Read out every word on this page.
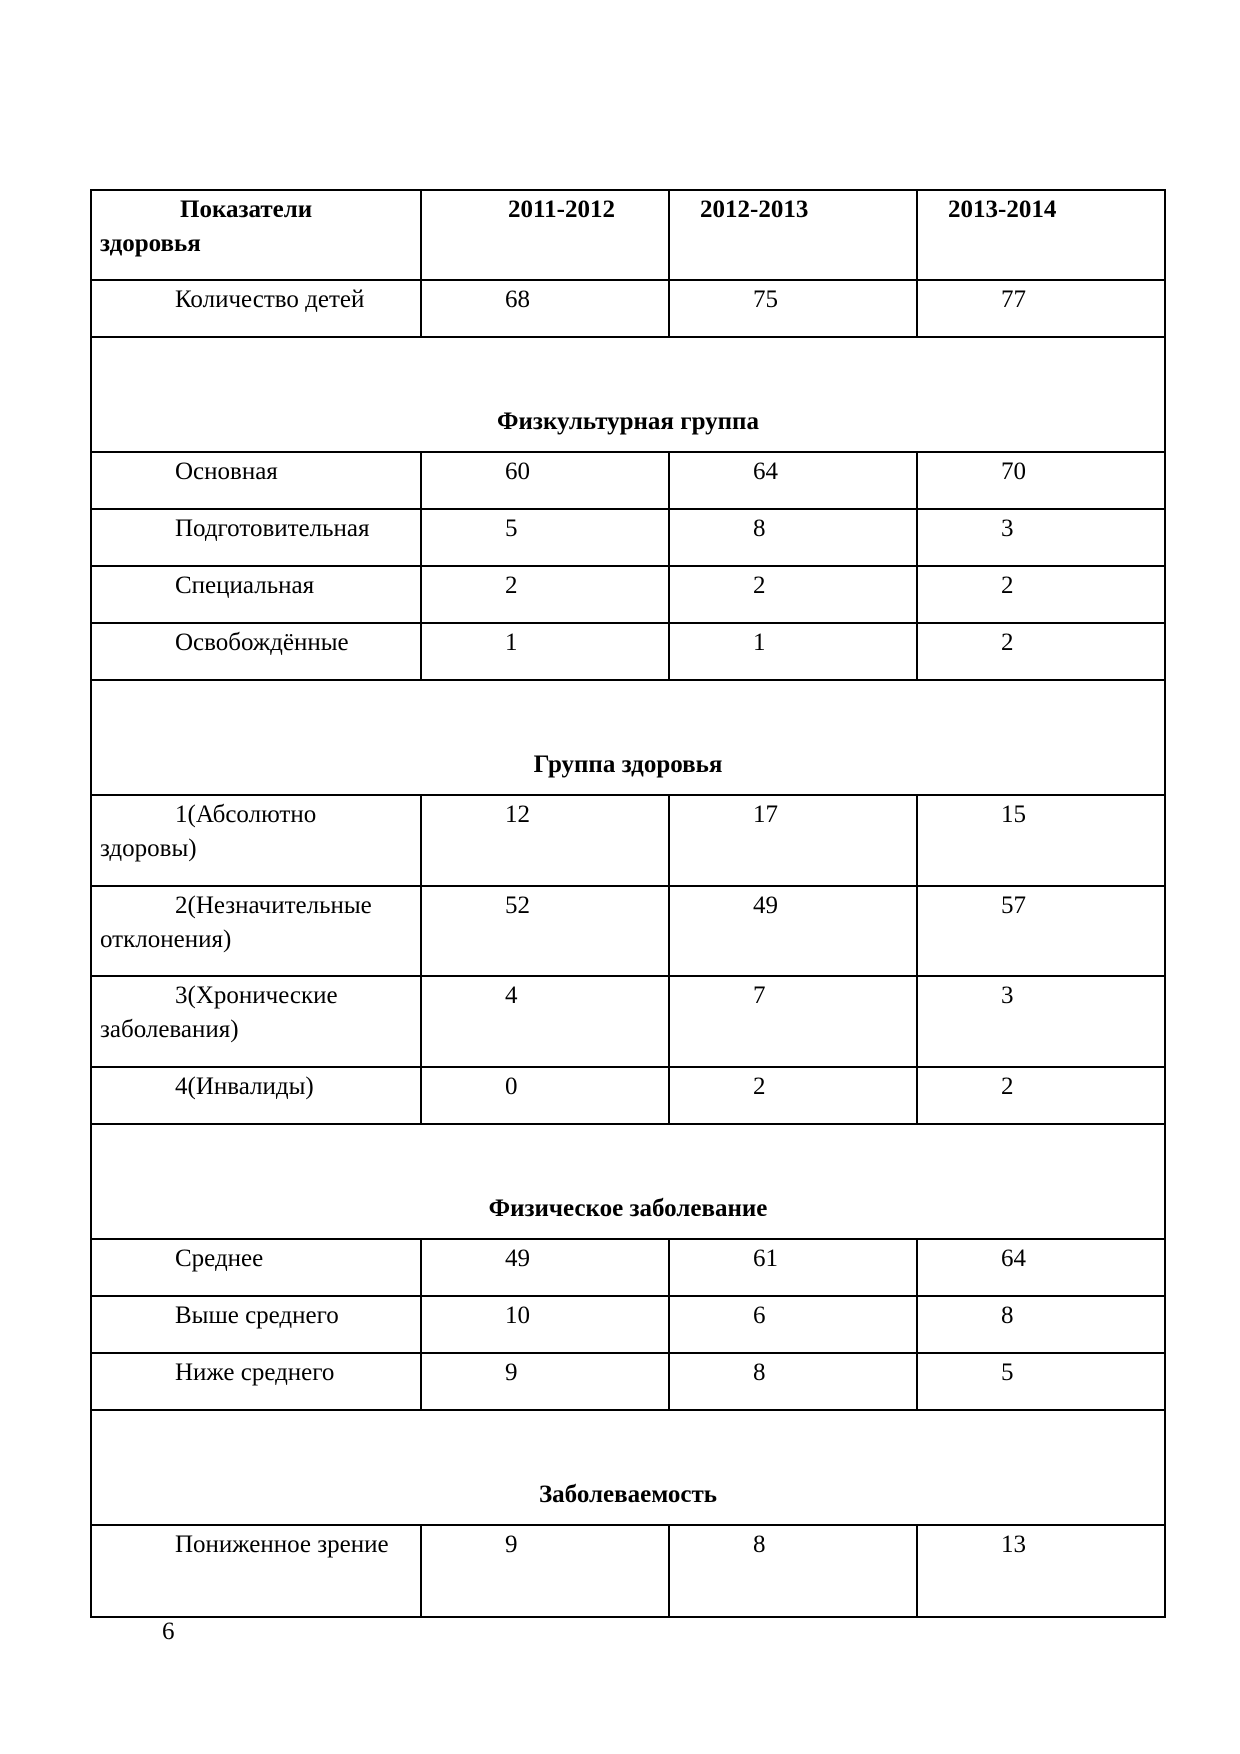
Показатели здоровья	2011-2012	2012-2013	2013-2014
Количество детей	68	75	77
Физкультурная группа			
Основная	60	64	70
Подготовительная	5	8	3
Специальная	2	2	2
Освобождённые	1	1	2
Группа здоровья			
1(Абсолютно здоровы)	12	17	15
2(Незначительные отклонения)	52	49	57
3(Хронические заболевания)	4	7	3
4(Инвалиды)	0	2	2
Физическое заболевание			
Среднее	49	61	64
Выше среднего	10	6	8
Ниже среднего	9	8	5
Заболеваемость			
Пониженное зрение	9	8	13
6
